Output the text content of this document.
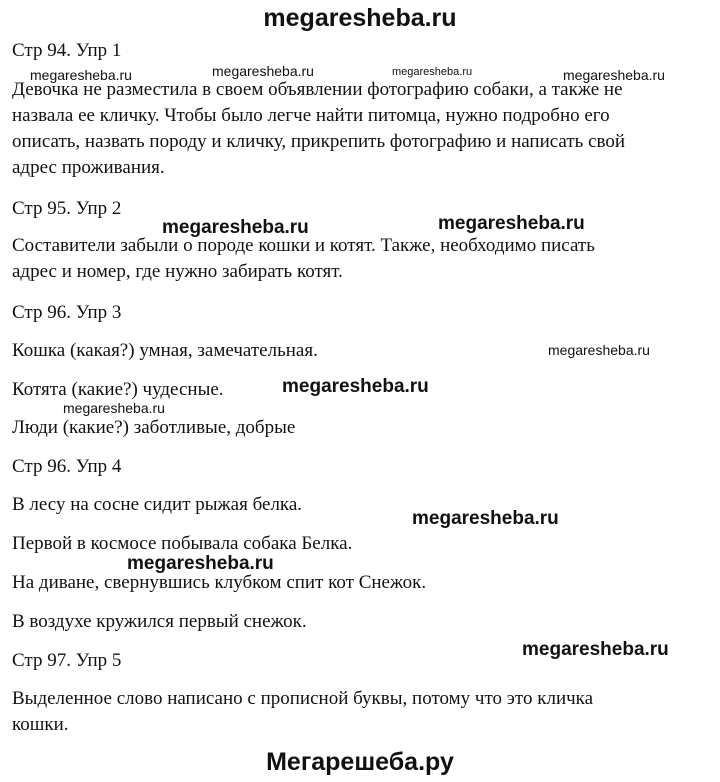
megaresheba.ru
Стр 94. Упр 1
Девочка не разместила в своем объявлении фотографию собаки, а также не
назвала ее кличку. Чтобы было легче найти питомца, нужно подробно его
описать, назвать породу и кличку, прикрепить фотографию и написать свой
адрес проживания.
Стр 95. Упр 2
Составители забыли о породе кошки и котят. Также, необходимо писать
адрес и номер, где нужно забирать котят.
Стр 96. Упр 3
Кошка (какая?) умная, замечательная.
Котята (какие?) чудесные.
Люди (какие?) заботливые, добрые
Стр 96. Упр 4
В лесу на сосне сидит рыжая белка.
Первой в космосе побывала собака Белка.
На диване, свернувшись клубком спит кот Снежок.
В воздухе кружился первый снежок.
Стр 97. Упр 5
Выделенное слово написано с прописной буквы, потому что это кличка
кошки.
megaresheba.ru	megaresheba.ru	megaresheba.ru	megaresheba.ru
megaresheba.ru	megaresheba.ru
megaresheba.ru
megaresheba.ru
megaresheba.ru
megaresheba.ru
megaresheba.ru
megaresheba.ru
Мегарешеба.ру
